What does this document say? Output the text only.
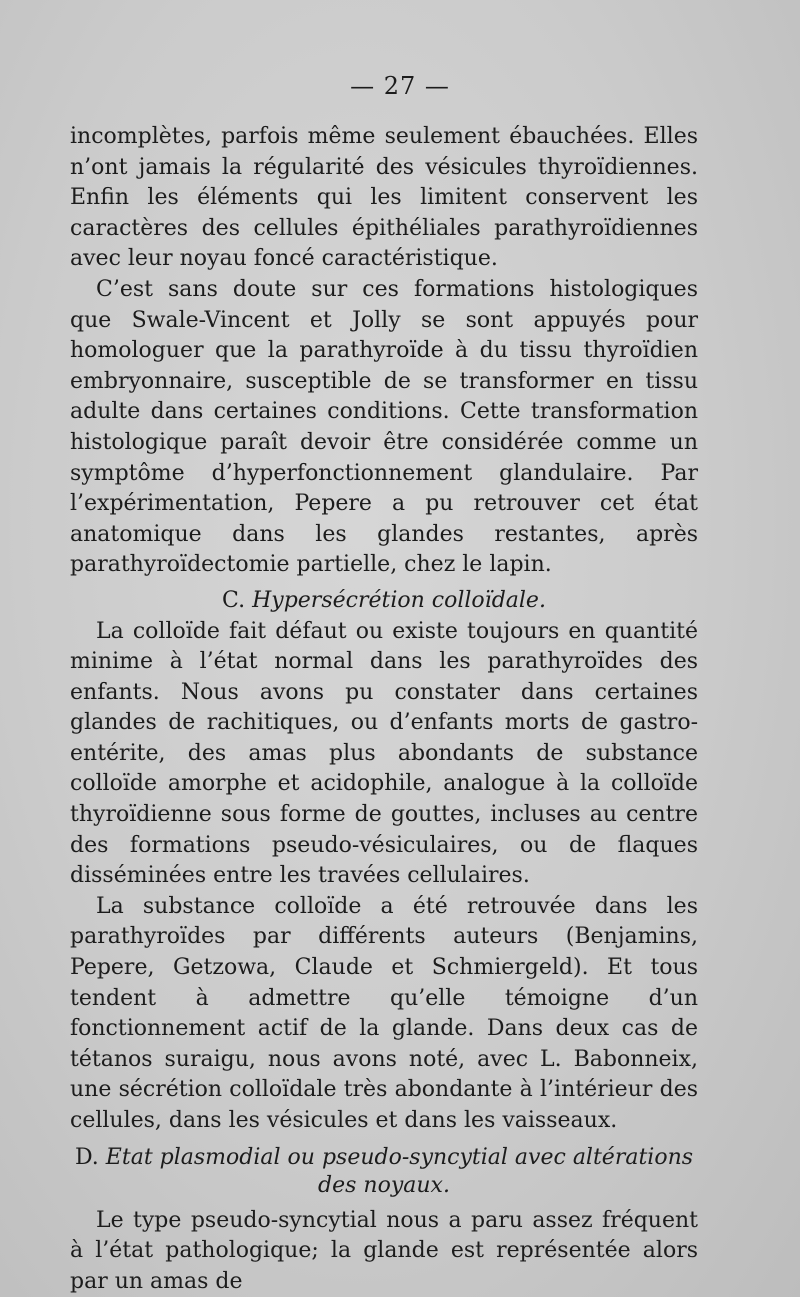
— 27 —

incomplètes, parfois même seulement ébauchées. Elles n’ont jamais la régularité des vésicules thyroïdiennes. Enfin les éléments qui les limitent conservent les caractères des cellules épithéliales parathyroïdiennes avec leur noyau foncé caractéristique.

C’est sans doute sur ces formations histologiques que Swale-Vincent et Jolly se sont appuyés pour homologuer que la parathyroïde à du tissu thyroïdien embryonnaire, susceptible de se transformer en tissu adulte dans certaines conditions. Cette transformation histologique paraît devoir être considérée comme un symptôme d’hyperfonctionnement glandulaire. Par l’expérimentation, Pepere a pu retrouver cet état anatomique dans les glandes restantes, après parathyroïdectomie partielle, chez le lapin.

C. Hypersécrétion colloïdale.

La colloïde fait défaut ou existe toujours en quantité minime à l’état normal dans les parathyroïdes des enfants. Nous avons pu constater dans certaines glandes de rachitiques, ou d’enfants morts de gastro-entérite, des amas plus abondants de substance colloïde amorphe et acidophile, analogue à la colloïde thyroïdienne sous forme de gouttes, incluses au centre des formations pseudo-vésiculaires, ou de flaques disséminées entre les travées cellulaires.

La substance colloïde a été retrouvée dans les parathyroïdes par différents auteurs (Benjamins, Pepere, Getzowa, Claude et Schmiergeld). Et tous tendent à admettre qu’elle témoigne d’un fonctionnement actif de la glande. Dans deux cas de tétanos suraigu, nous avons noté, avec L. Babonneix, une sécrétion colloïdale très abondante à l’intérieur des cellules, dans les vésicules et dans les vaisseaux.

D. Etat plasmodial ou pseudo-syncytial avec altérations
des noyaux.

Le type pseudo-syncytial nous a paru assez fréquent à l’état pathologique; la glande est représentée alors par un amas de
